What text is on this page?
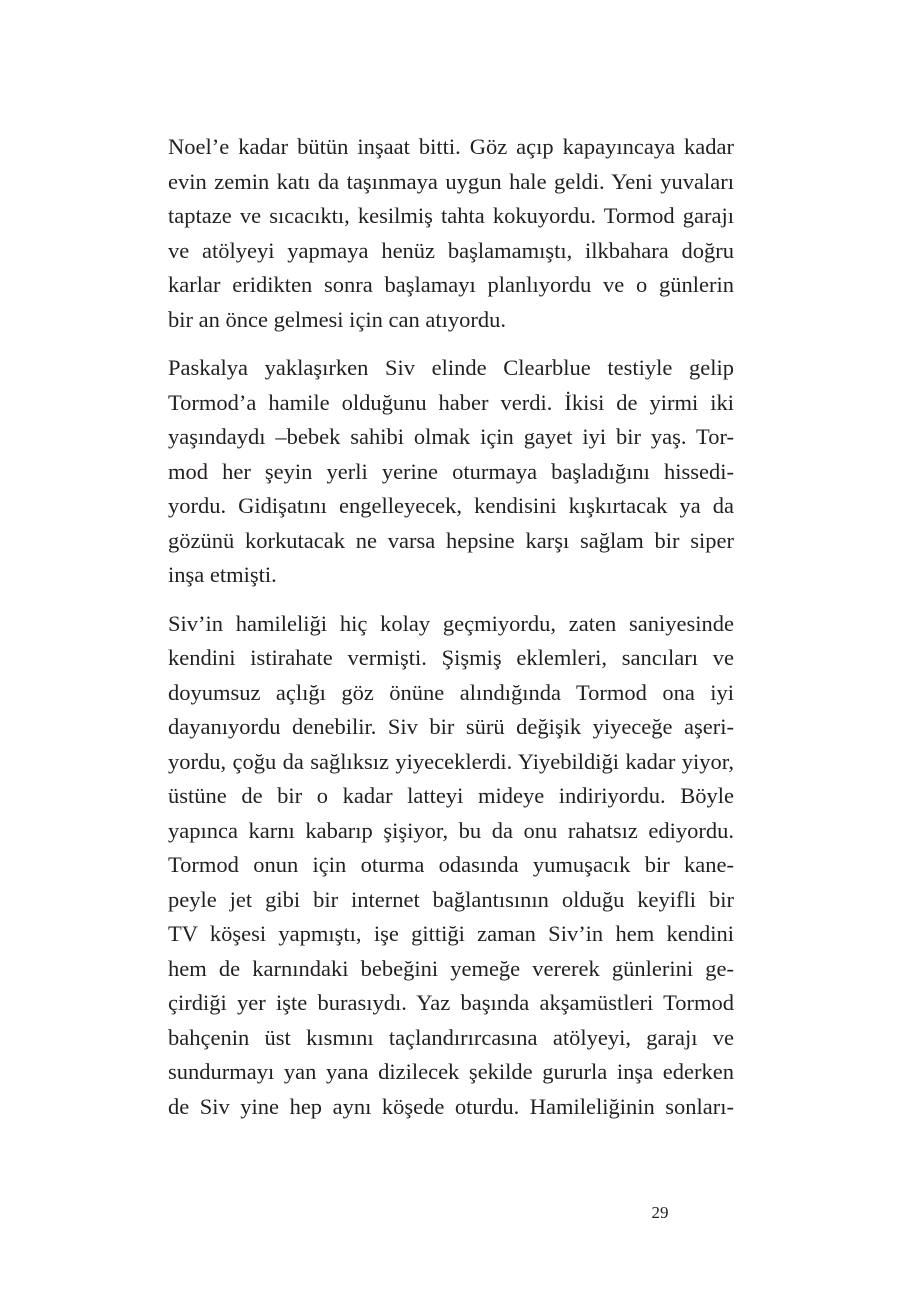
Noel’e kadar bütün inşaat bitti. Göz açıp kapayıncaya kadar
evin zemin katı da taşınmaya uygun hale geldi. Yeni yuvaları
taptaze ve sıcacıktı, kesilmiş tahta kokuyordu. Tormod garajı
ve atölyeyi yapmaya henüz başlamamıştı, ilkbahara doğru
karlar eridikten sonra başlamayı planlıyordu ve o günlerin
bir an önce gelmesi için can atıyordu.

Paskalya yaklaşırken Siv elinde Clearblue testiyle gelip
Tormod’a hamile olduğunu haber verdi. İkisi de yirmi iki
yaşındaydı –bebek sahibi olmak için gayet iyi bir yaş. Tor-
mod her şeyin yerli yerine oturmaya başladığını hissedi-
yordu. Gidişatını engelleyecek, kendisini kışkırtacak ya da
gözünü korkutacak ne varsa hepsine karşı sağlam bir siper
inşa etmişti.

Siv’in hamileliği hiç kolay geçmiyordu, zaten saniyesinde
kendini istirahate vermişti. Şişmiş eklemleri, sancıları ve
doyumsuz açlığı göz önüne alındığında Tormod ona iyi
dayanıyordu denebilir. Siv bir sürü değişik yiyeceğe aşeri-
yordu, çoğu da sağlıksız yiyeceklerdi. Yiyebildiği kadar yiyor,
üstüne de bir o kadar latteyi mideye indiriyordu. Böyle
yapınca karnı kabarıp şişiyor, bu da onu rahatsız ediyordu.
Tormod onun için oturma odasında yumuşacık bir kane-
peyle jet gibi bir internet bağlantısının olduğu keyifli bir
TV köşesi yapmıştı, işe gittiği zaman Siv’in hem kendini
hem de karnındaki bebeğini yemeğe vererek günlerini ge-
çirdiği yer işte burasıydı. Yaz başında akşamüstleri Tormod
bahçenin üst kısmını taçlandırırcasına atölyeyi, garajı ve
sundurmayı yan yana dizilecek şekilde gururla inşa ederken
de Siv yine hep aynı köşede oturdu. Hamileliğinin sonları-

29
